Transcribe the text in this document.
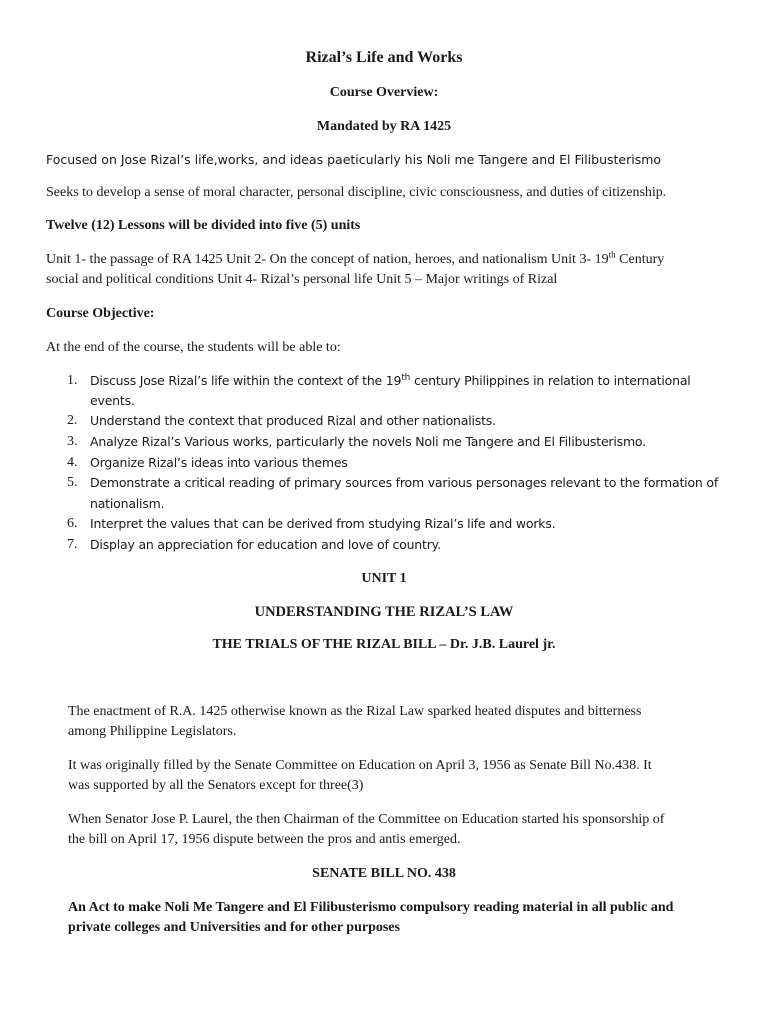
Rizal’s Life and Works
Course Overview:
Mandated by RA 1425
Focused on Jose Rizal’s life,works, and ideas paeticularly his Noli me Tangere and El Filibusterismo
Seeks to develop a sense of moral character, personal discipline, civic consciousness, and duties of citizenship.
Twelve (12) Lessons will be divided into five (5) units
Unit 1- the passage of RA 1425 Unit 2- On the concept of nation, heroes, and nationalism Unit 3- 19th Century
social and political conditions Unit 4- Rizal’s personal life Unit 5 – Major writings of Rizal
Course Objective:
At the end of the course, the students will be able to:
1. Discuss Jose Rizal’s life within the context of the 19th century Philippines in relation to international
events.
2. Understand the context that produced Rizal and other nationalists.
3. Analyze Rizal’s Various works, particularly the novels Noli me Tangere and El Filibusterismo.
4. Organize Rizal’s ideas into various themes
5. Demonstrate a critical reading of primary sources from various personages relevant to the formation of
nationalism.
6. Interpret the values that can be derived from studying Rizal’s life and works.
7. Display an appreciation for education and love of country.
UNIT 1
UNDERSTANDING THE RIZAL’S LAW
THE TRIALS OF THE RIZAL BILL – Dr. J.B. Laurel jr.
The enactment of R.A. 1425 otherwise known as the Rizal Law sparked heated disputes and bitterness
among Philippine Legislators.
It was originally filled by the Senate Committee on Education on April 3, 1956 as Senate Bill No.438. It
was supported by all the Senators except for three(3)
When Senator Jose P. Laurel, the then Chairman of the Committee on Education started his sponsorship of
the bill on April 17, 1956 dispute between the pros and antis emerged.
SENATE BILL NO. 438
An Act to make Noli Me Tangere and El Filibusterismo compulsory reading material in all public and
private colleges and Universities and for other purposes
